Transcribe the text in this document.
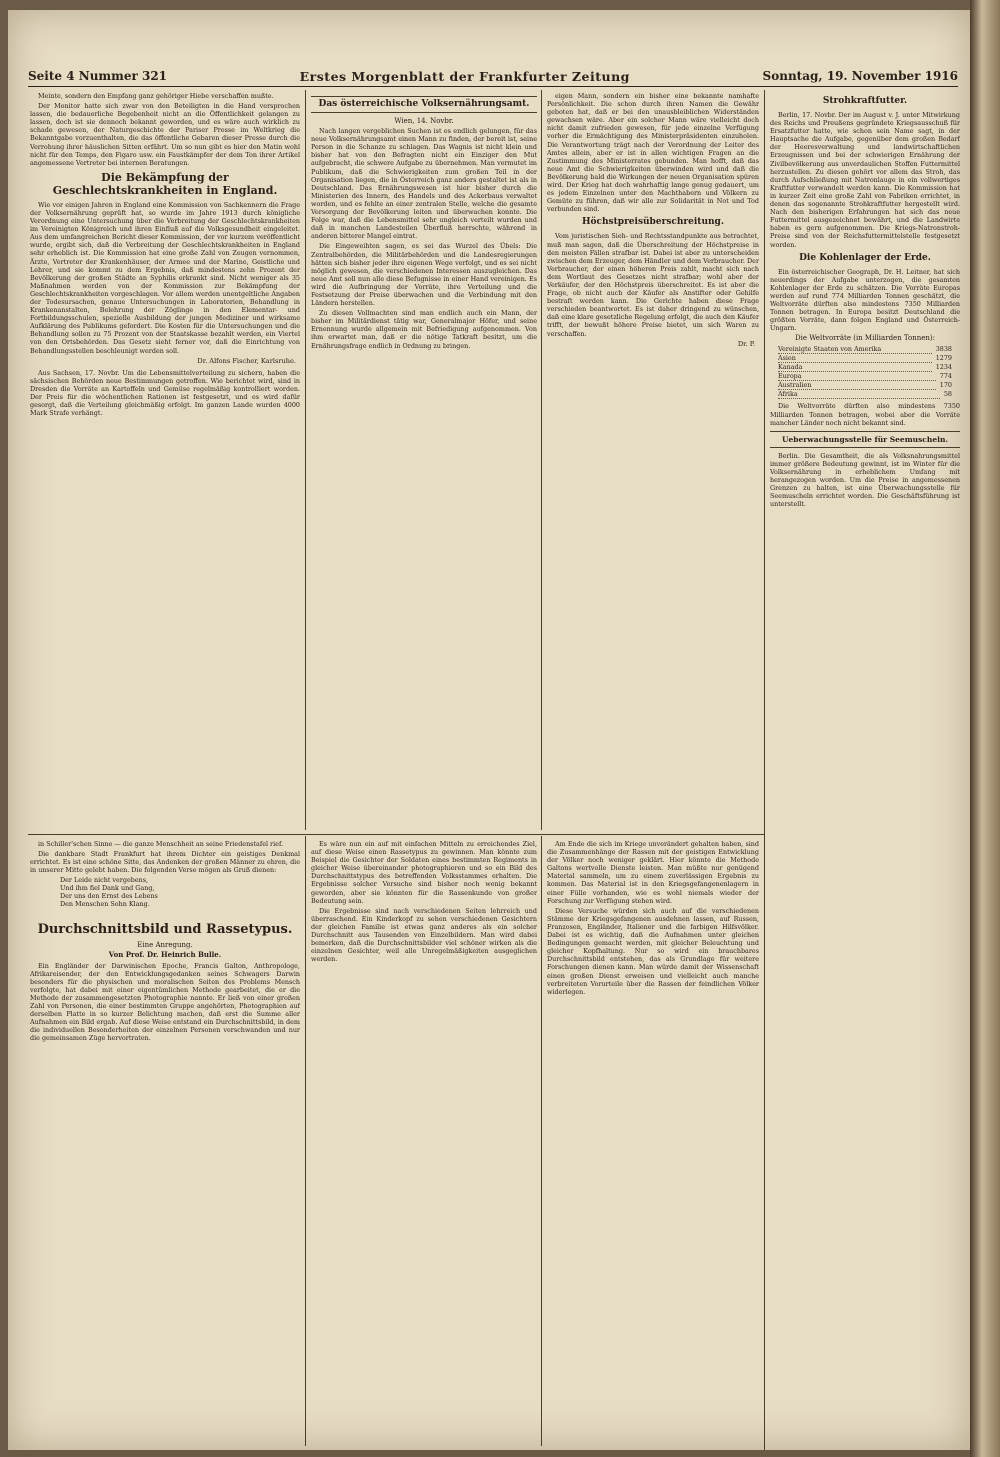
Seite 4 Nummer 321	Erstes Morgenblatt der Frankfurter Zeitung	Sonntag, 19. November 1916

Meinte, sondern den Empfang ganz gehöriger Hiebe verschaffen mußte.

Der Monitor hatte sich zwar von den Beteiligten in die Hand versprochen lassen, die bedauerliche Begebenheit nicht an die Öffentlichkeit gelangen zu lassen, doch ist sie dennoch bekannt geworden, und es wäre auch wirklich zu schade gewesen, der Naturgeschichte der Pariser Presse im Weltkrieg die Bekanntgabe vorzuenthalten, die das öffentliche Gebaren dieser Presse durch die Verrohung ihrer häuslichen Sitten erfährt. Um so nun gibt es hier den Matin wohl nicht für den Temps, den Figaro usw. ein Faustkämpfer der dem Ton ihrer Artikel angemessene Vertreter bei internen Beratungen.

Die Bekämpfung der Geschlechtskrankheiten in England.

Wie vor einigen Jahren in England eine Kommission von Sachkennern die Frage der Volksernährung geprüft hat, so wurde im Jahre 1913 durch königliche Verordnung eine Untersuchung über die Verbreitung der Geschlechtskrankheiten im Vereinigten Königreich und ihren Einfluß auf die Volksgesundheit eingeleitet. Aus dem umfangreichen Bericht dieser Kommission, der vor kurzem veröffentlicht wurde, ergibt sich, daß die Verbreitung der Geschlechtskrankheiten in England sehr erheblich ist. Die Kommission hat eine große Zahl von Zeugen vernommen, Ärzte, Vertreter der Krankenhäuser, der Armee und der Marine, Geistliche und Lehrer, und sie kommt zu dem Ergebnis, daß mindestens zehn Prozent der Bevölkerung der großen Städte an Syphilis erkrankt sind. Nicht weniger als 35 Maßnahmen werden von der Kommission zur Bekämpfung der Geschlechtskrankheiten vorgeschlagen. Vor allem werden unentgeltliche Angaben der Todesursachen, genaue Untersuchungen in Laboratorien, Behandlung in Krankenanstalten, Belehrung der Zöglinge in den Elementar- und Fortbildungsschulen, spezielle Ausbildung der jungen Mediziner und wirksame Aufklärung des Publikums gefordert. Die Kosten für die Untersuchungen und die Behandlung sollen zu 75 Prozent von der Staatskasse bezahlt werden, ein Viertel von den Ortsbehörden. Das Gesetz sieht ferner vor, daß die Einrichtung von Behandlungsstellen beschleunigt werden soll.

Dr. Alfons Fischer, Karlsruhe.

Aus Sachsen, 17. Novbr. Um die Lebensmittelverteilung zu sichern, haben die sächsischen Behörden neue Bestimmungen getroffen. Wie berichtet wird, sind in Dresden die Vorräte an Kartoffeln und Gemüse regelmäßig kontrolliert worden. Der Preis für die wöchentlichen Rationen ist festgesetzt, und es wird dafür gesorgt, daß die Verteilung gleichmäßig erfolgt. Im ganzen Lande wurden 4000 Mark Strafe verhängt.

Das österreichische Volksernährungsamt.
Wien, 14. Novbr.

Nach langen vergeblichen Suchen ist es endlich gelungen, für das neue Volksernährungsamt einen Mann zu finden, der bereit ist, seine Person in die Schanze zu schlagen. Das Wagnis ist nicht klein und bisher hat von den Befragten nicht ein Einziger den Mut aufgebracht, die schwere Aufgabe zu übernehmen. Man vermutet im Publikum, daß die Schwierigkeiten zum großen Teil in der Organisation liegen, die in Österreich ganz anders gestaltet ist als in Deutschland. Das Ernährungswesen ist hier bisher durch die Ministerien des Innern, des Handels und des Ackerbaus verwaltet worden, und es fehlte an einer zentralen Stelle, welche die gesamte Versorgung der Bevölkerung leiten und überwachen konnte. Die Folge war, daß die Lebensmittel sehr ungleich verteilt wurden und daß in manchen Landesteilen Überfluß herrschte, während in anderen bitterer Mangel eintrat.

Die Eingeweihten sagen, es sei das Wurzel des Übels: Die Zentralbehörden, die Militärbehörden und die Landesregierungen hätten sich bisher jeder ihre eigenen Wege verfolgt, und es sei nicht möglich gewesen, die verschiedenen Interessen auszugleichen. Das neue Amt soll nun alle diese Befugnisse in einer Hand vereinigen. Es wird die Aufbringung der Vorräte, ihre Verteilung und die Festsetzung der Preise überwachen und die Verbindung mit den Ländern herstellen.

Zu diesen Vollmachten sind man endlich auch ein Mann, der bisher im Militärdienst tätig war, Generalmajor Höfer, und seine Ernennung wurde allgemein mit Befriedigung aufgenommen. Von ihm erwartet man, daß er die nötige Tatkraft besitzt, um die Ernährungsfrage endlich in Ordnung zu bringen.

eigen Mann, sondern ein bisher eine bekannte namhafte Persönlichkeit. Die schon durch ihren Namen die Gewähr geboten hat, daß er bei den unausbleiblichen Widerständen gewachsen wäre. Aber ein solcher Mann wäre vielleicht doch nicht damit zufrieden gewesen, für jede einzelne Verfügung vorher die Ermächtigung des Ministerpräsidenten einzuholen. Die Verantwortung trägt nach der Verordnung der Leiter des Amtes allein, aber er ist in allen wichtigen Fragen an die Zustimmung des Ministerrates gebunden. Man hofft, daß das neue Amt die Schwierigkeiten überwinden wird und daß die Bevölkerung bald die Wirkungen der neuen Organisation spüren wird. Der Krieg hat doch wahrhaftig lange genug gedauert, um es jedem Einzelnen unter den Machthabern und Völkern zu Gemüte zu führen, daß wir alle zur Solidarität in Not und Tod verbunden sind.

Höchstpreisüberschreitung.

Vom juristischen Sieh- und Rechtsstandpunkte aus betrachtet, muß man sagen, daß die Überschreitung der Höchstpreise in den meisten Fällen strafbar ist. Dabei ist aber zu unterscheiden zwischen dem Erzeuger, dem Händler und dem Verbraucher. Der Verbraucher, der einen höheren Preis zahlt, macht sich nach dem Wortlaut des Gesetzes nicht strafbar; wohl aber der Verkäufer, der den Höchstpreis überschreitet. Es ist aber die Frage, ob nicht auch der Käufer als Anstifter oder Gehilfe bestraft werden kann. Die Gerichte haben diese Frage verschieden beantwortet. Es ist daher dringend zu wünschen, daß eine klare gesetzliche Regelung erfolgt, die auch den Käufer trifft, der bewußt höhere Preise bietet, um sich Waren zu verschaffen.

Dr. P.
Strohkraftfutter.

Berlin, 17. Novbr. Der im August v. J. unter Mitwirkung des Reichs und Preußens gegründete Kriegsausschuß für Ersatzfutter hatte, wie schon sein Name sagt, in der Hauptsache die Aufgabe, gegenüber dem großen Bedarf der Heeresverwaltung und landwirtschaftlichen Erzeugnissen und bei der schwierigen Ernährung der Zivilbevölkerung aus unverdaulichen Stoffen Futtermittel herzustellen. Zu diesen gehört vor allem das Stroh, das durch Aufschließung mit Natronlauge in ein vollwertiges Kraftfutter verwandelt werden kann. Die Kommission hat in kurzer Zeit eine große Zahl von Fabriken errichtet, in denen das sogenannte Strohkraftfutter hergestellt wird. Nach den bisherigen Erfahrungen hat sich das neue Futtermittel ausgezeichnet bewährt, und die Landwirte haben es gern aufgenommen. Die Kriegs-Natronstroh-Preise sind von der Reichsfuttermittelstelle festgesetzt worden.

Die Kohlenlager der Erde.

Ein österreichischer Geograph, Dr. H. Leitner, hat sich neuerdings der Aufgabe unterzogen, die gesamten Kohlenlager der Erde zu schätzen. Die Vorräte Europas werden auf rund 774 Milliarden Tonnen geschätzt, die Weltvorräte dürften also mindestens 7350 Milliarden Tonnen betragen. In Europa besitzt Deutschland die größten Vorräte, dann folgen England und Österreich-Ungarn.

Die Weltvorräte (in Milliarden Tonnen):
Vereinigte Staaten von Amerika	3838
Asien	1279
Kanada	1234
Europa	774
Australien	170
Afrika	58

Die Weltvorräte dürften also mindestens 7350 Milliarden Tonnen betragen, wobei aber die Vorräte mancher Länder noch nicht bekannt sind.

Ueberwachungsstelle für Seemuscheln.

Berlin. Die Gesamtheit, die als Volksnahrungsmittel immer größere Bedeutung gewinnt, ist im Winter für die Volksernährung in erheblichem Umfang mit herangezogen worden. Um die Preise in angemessenen Grenzen zu halten, ist eine Überwachungsstelle für Seemuscheln errichtet worden. Die Geschäftsführung ist unterstellt.

in Schiller'schen Sinne — die ganze Menschheit an seine Friedenstafel rief.

Die dankbare Stadt Frankfurt hat ihrem Dichter ein geistiges Denkmal errichtet. Es ist eine schöne Sitte, das Andenken der großen Männer zu ehren, die in unserer Mitte gelebt haben. Die folgenden Verse mögen als Gruß dienen:

Der Leide nicht vergebens,
Und ihm fiel Dank und Gang,
Der uns den Ernst des Lebens
Den Menschen Sohn Klang.
Durchschnittsbild und Rassetypus.
Eine Anregung.
Von Prof. Dr. Heinrich Bulle.

Ein Engländer der Darwinischen Epoche, Francis Galton, Anthropologe, Afrikareisender, der den Entwicklungsgedanken seines Schwagers Darwin besonders für die physischen und moralischen Seiten des Problems Mensch verfolgte, hat dabei mit einer eigentümlichen Methode gearbeitet, die er die Methode der zusammengesetzten Photographie nannte. Er ließ von einer großen Zahl von Personen, die einer bestimmten Gruppe angehörten, Photographien auf derselben Platte in so kurzer Belichtung machen, daß erst die Summe aller Aufnahmen ein Bild ergab. Auf diese Weise entstand ein Durchschnittsbild, in dem die individuellen Besonderheiten der einzelnen Personen verschwanden und nur die gemeinsamen Züge hervortraten.

Es wäre nun ein auf mit einfachen Mitteln zu erreichendes Ziel, auf diese Weise einen Rassetypus zu gewinnen. Man könnte zum Beispiel die Gesichter der Soldaten eines bestimmten Regiments in gleicher Weise übereinander photographieren und so ein Bild des Durchschnittstypus des betreffenden Volksstammes erhalten. Die Ergebnisse solcher Versuche sind bisher noch wenig bekannt geworden, aber sie könnten für die Rassenkunde von großer Bedeutung sein.

Die Ergebnisse sind nach verschiedenen Seiten lehrreich und überraschend. Ein Kinderkopf zu sehen verschiedenen Gesichtern der gleichen Familie ist etwas ganz anderes als ein solcher Durchschnitt aus Tausenden von Einzelbildern. Man wird dabei bemerken, daß die Durchschnittsbilder viel schöner wirken als die einzelnen Gesichter, weil alle Unregelmäßigkeiten ausgeglichen werden.

Am Ende die sich im Kriege unverändert gehalten haben, sind die Zusammenhänge der Rassen mit der geistigen Entwicklung der Völker noch weniger geklärt. Hier könnte die Methode Galtons wertvolle Dienste leisten. Man müßte nur genügend Material sammeln, um zu einem zuverlässigen Ergebnis zu kommen. Das Material ist in den Kriegsgefangenenlagern in einer Fülle vorhanden, wie es wohl niemals wieder der Forschung zur Verfügung stehen wird.

Diese Versuche würden sich auch auf die verschiedenen Stämme der Kriegsgefangenen ausdehnen lassen, auf Russen, Franzosen, Engländer, Italiener und die farbigen Hilfsvölker. Dabei ist es wichtig, daß die Aufnahmen unter gleichen Bedingungen gemacht werden, mit gleicher Beleuchtung und gleicher Kopfhaltung. Nur so wird ein brauchbares Durchschnittsbild entstehen, das als Grundlage für weitere Forschungen dienen kann. Man würde damit der Wissenschaft einen großen Dienst erweisen und vielleicht auch manche verbreiteten Vorurteile über die Rassen der feindlichen Völker widerlegen.
